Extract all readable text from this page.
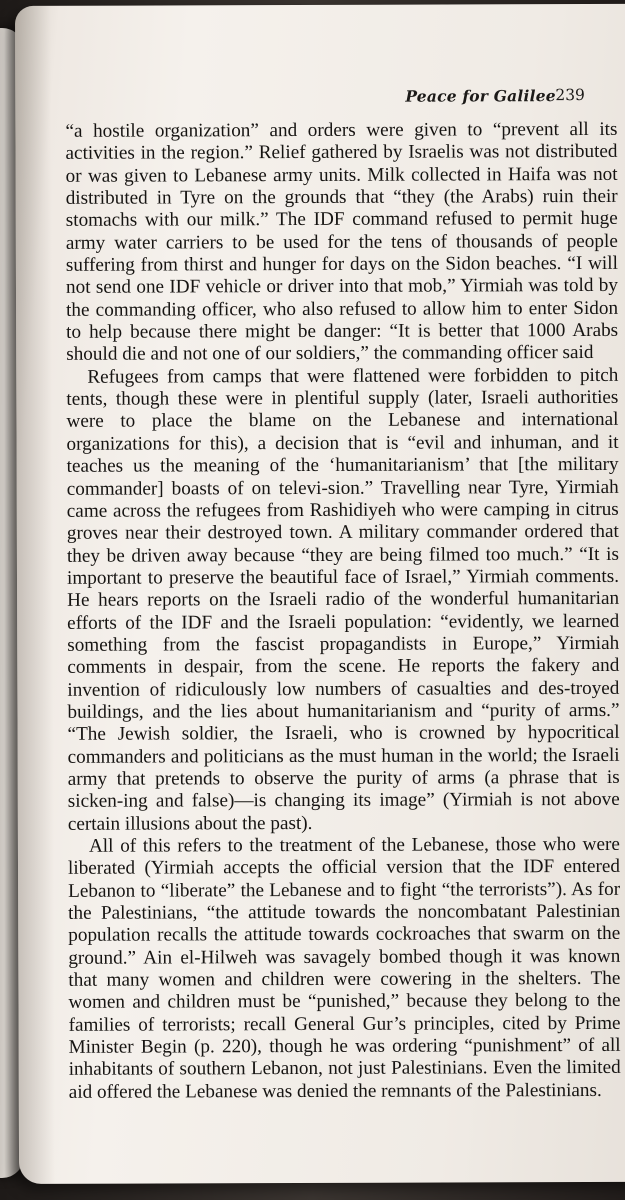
Peace for Galilee 239

“a hostile organization” and orders were given to “prevent all its activities in the region.” Relief gathered by Israelis was not distributed or was given to Lebanese army units. Milk collected in Haifa was not distributed in Tyre on the grounds that “they (the Arabs) ruin their stomachs with our milk.” The IDF command refused to permit huge army water carriers to be used for the tens of thousands of people suffering from thirst and hunger for days on the Sidon beaches. “I will not send one IDF vehicle or driver into that mob,” Yirmiah was told by the commanding officer, who also refused to allow him to enter Sidon to help because there might be danger: “It is better that 1000 Arabs should die and not one of our soldiers,” the commanding officer said

Refugees from camps that were flattened were forbidden to pitch tents, though these were in plentiful supply (later, Israeli authorities were to place the blame on the Lebanese and international organizations for this), a decision that is “evil and inhuman, and it teaches us the meaning of the ‘humanitarianism’ that [the military commander] boasts of on televi-sion.” Travelling near Tyre, Yirmiah came across the refugees from Rashidiyeh who were camping in citrus groves near their destroyed town. A military commander ordered that they be driven away because “they are being filmed too much.” “It is important to preserve the beautiful face of Israel,” Yirmiah comments. He hears reports on the Israeli radio of the wonderful humanitarian efforts of the IDF and the Israeli population: “evidently, we learned something from the fascist propagandists in Europe,” Yirmiah comments in despair, from the scene. He reports the fakery and invention of ridiculously low numbers of casualties and des-troyed buildings, and the lies about humanitarianism and “purity of arms.” “The Jewish soldier, the Israeli, who is crowned by hypocritical commanders and politicians as the must human in the world; the Israeli army that pretends to observe the purity of arms (a phrase that is sicken-ing and false)—is changing its image” (Yirmiah is not above certain illusions about the past).

All of this refers to the treatment of the Lebanese, those who were liberated (Yirmiah accepts the official version that the IDF entered Lebanon to “liberate” the Lebanese and to fight “the terrorists”). As for the Palestinians, “the attitude towards the noncombatant Palestinian population recalls the attitude towards cockroaches that swarm on the ground.” Ain el-Hilweh was savagely bombed though it was known that many women and children were cowering in the shelters. The women and children must be “punished,” because they belong to the families of terrorists; recall General Gur’s principles, cited by Prime Minister Begin (p. 220), though he was ordering “punishment” of all inhabitants of southern Lebanon, not just Palestinians. Even the limited aid offered the Lebanese was denied the remnants of the Palestinians.
